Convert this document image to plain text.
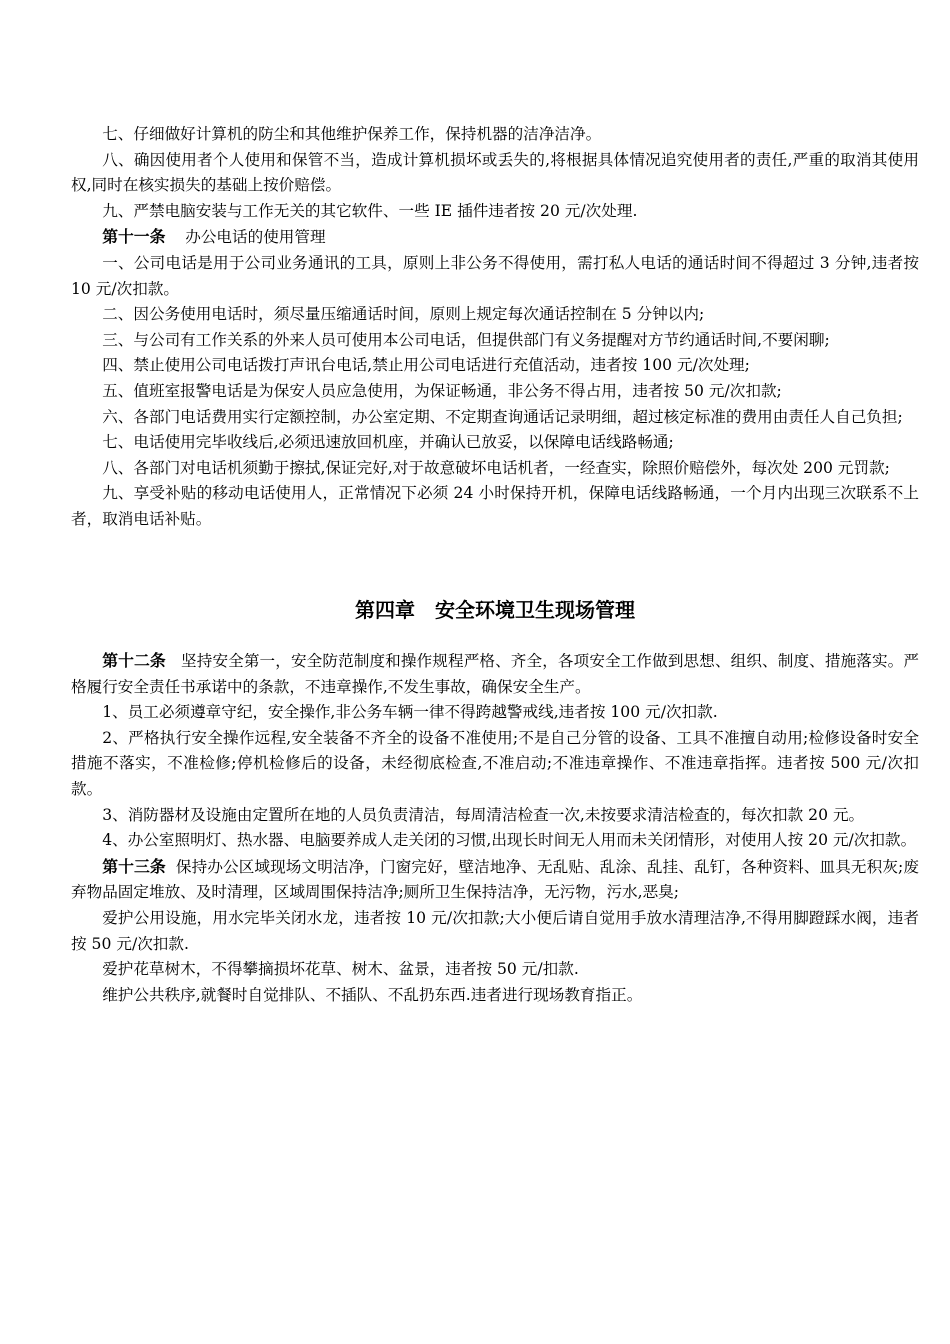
七、仔细做好计算机的防尘和其他维护保养工作，保持机器的洁净洁净。

八、确因使用者个人使用和保管不当，造成计算机损坏或丢失的,将根据具体情况追究使用者的责任,严重的取消其使用权,同时在核实损失的基础上按价赔偿。

九、严禁电脑安装与工作无关的其它软件、一些 IE 插件违者按 20 元/次处理.

第十一条 办公电话的使用管理

一、公司电话是用于公司业务通讯的工具，原则上非公务不得使用，需打私人电话的通话时间不得超过 3 分钟,违者按 10 元/次扣款。

二、因公务使用电话时，须尽量压缩通话时间，原则上规定每次通话控制在 5 分钟以内;

三、与公司有工作关系的外来人员可使用本公司电话，但提供部门有义务提醒对方节约通话时间,不要闲聊;

四、禁止使用公司电话拨打声讯台电话,禁止用公司电话进行充值活动，违者按 100 元/次处理;

五、值班室报警电话是为保安人员应急使用，为保证畅通，非公务不得占用，违者按 50 元/次扣款;

六、各部门电话费用实行定额控制，办公室定期、不定期查询通话记录明细，超过核定标准的费用由责任人自己负担;

七、电话使用完毕收线后,必须迅速放回机座，并确认已放妥，以保障电话线路畅通;

八、各部门对电话机须勤于擦拭,保证完好,对于故意破坏电话机者，一经查实，除照价赔偿外，每次处 200 元罚款;

九、享受补贴的移动电话使用人，正常情况下必须 24 小时保持开机，保障电话线路畅通，一个月内出现三次联系不上者，取消电话补贴。

第四章　安全环境卫生现场管理

第十二条 坚持安全第一，安全防范制度和操作规程严格、齐全，各项安全工作做到思想、组织、制度、措施落实。严格履行安全责任书承诺中的条款，不违章操作,不发生事故，确保安全生产。

1、员工必须遵章守纪，安全操作,非公务车辆一律不得跨越警戒线,违者按 100 元/次扣款.

2、严格执行安全操作远程,安全装备不齐全的设备不准使用;不是自己分管的设备、工具不准擅自动用;检修设备时安全措施不落实，不准检修;停机检修后的设备，未经彻底检查,不准启动;不准违章操作、不准违章指挥。违者按 500 元/次扣款。

3、消防器材及设施由定置所在地的人员负责清洁，每周清洁检查一次,未按要求清洁检查的，每次扣款 20 元。

4、办公室照明灯、热水器、电脑要养成人走关闭的习惯,出现长时间无人用而未关闭情形，对使用人按 20 元/次扣款。

第十三条 保持办公区域现场文明洁净，门窗完好，壁洁地净、无乱贴、乱涂、乱挂、乱钉，各种资料、皿具无积灰;废弃物品固定堆放、及时清理，区域周围保持洁净;厕所卫生保持洁净，无污物，污水,恶臭;

爱护公用设施，用水完毕关闭水龙，违者按 10 元/次扣款;大小便后请自觉用手放水清理洁净,不得用脚蹬踩水阀，违者按 50 元/次扣款.

爱护花草树木，不得攀摘损坏花草、树木、盆景，违者按 50 元/扣款.

维护公共秩序,就餐时自觉排队、不插队、不乱扔东西.违者进行现场教育指正。
